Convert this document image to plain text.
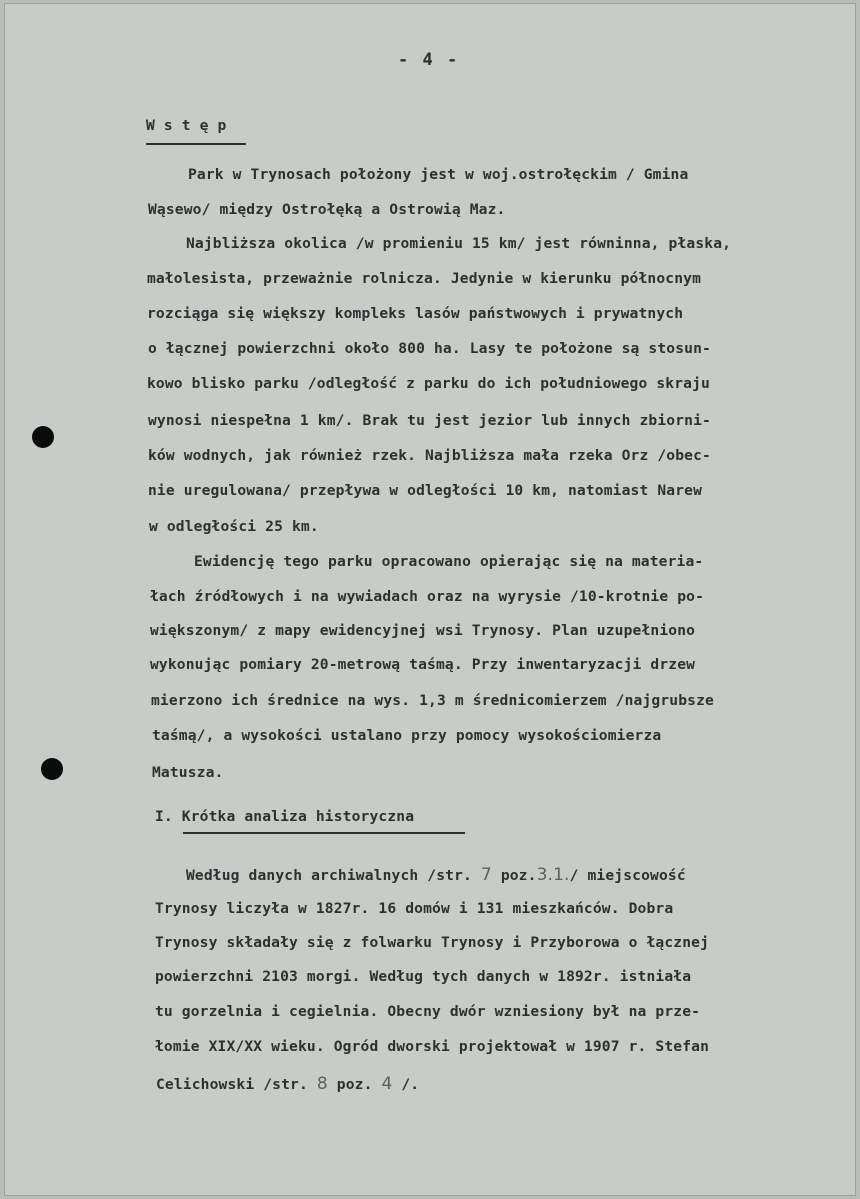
- 4 -
W s t ę p
Park w Trynosach położony jest w woj.ostrołęckim / Gmina
Wąsewo/ między Ostrołęką a Ostrowią Maz.
Najbliższa okolica /w promieniu 15 km/ jest równinna, płaska,
małolesista, przeważnie rolnicza. Jedynie w kierunku północnym
rozciąga się większy kompleks lasów państwowych i prywatnych
o łącznej powierzchni około 800 ha. Lasy te położone są stosun-
kowo blisko parku /odległość z parku do ich południowego skraju
wynosi niespełna 1 km/. Brak tu jest jezior lub innych zbiorni-
ków wodnych, jak również rzek. Najbliższa mała rzeka Orz /obec-
nie uregulowana/ przepływa w odległości 10 km, natomiast Narew
w odległości 25 km.
Ewidencję tego parku opracowano opierając się na materia-
łach źródłowych i na wywiadach oraz na wyrysie /10-krotnie po-
większonym/ z mapy ewidencyjnej wsi Trynosy. Plan uzupełniono
wykonując pomiary 20-metrową taśmą. Przy inwentaryzacji drzew
mierzono ich średnice na wys. 1,3 m średnicomierzem /najgrubsze
taśmą/, a wysokości ustalano przy pomocy wysokościomierza
Matusza.
I. Krótka analiza historyczna
Według danych archiwalnych /str. 7 poz.3.1./ miejscowość
Trynosy liczyła w 1827r. 16 domów i 131 mieszkańców. Dobra
Trynosy składały się z folwarku Trynosy i Przyborowa o łącznej
powierzchni 2103 morgi. Według tych danych w 1892r. istniała
tu gorzelnia i cegielnia. Obecny dwór wzniesiony był na prze-
łomie XIX/XX wieku. Ogród dworski projektował w 1907 r. Stefan
Celichowski /str. 8 poz. 4 /.
